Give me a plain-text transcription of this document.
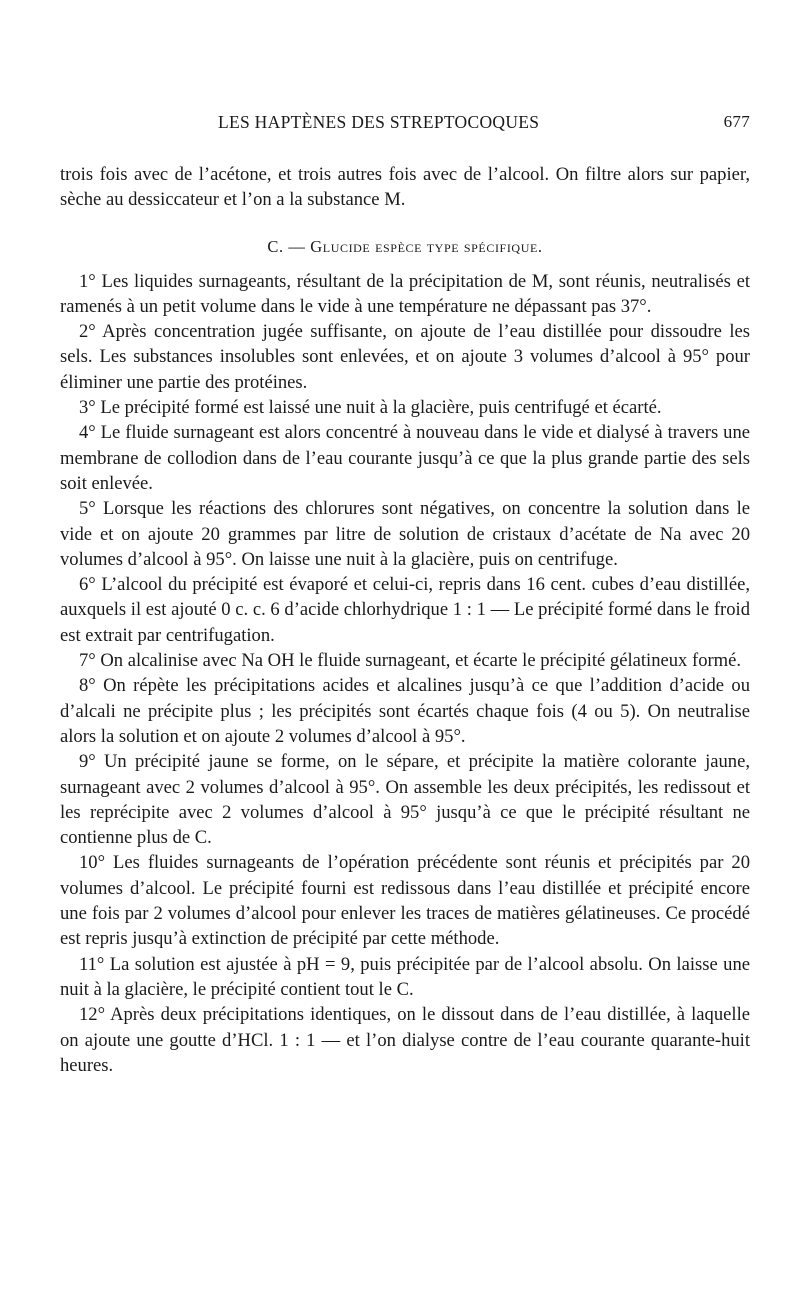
LES HAPTÈNES DES STREPTOCOQUES	677

trois fois avec de l’acétone, et trois autres fois avec de l’alcool. On filtre alors sur papier, sèche au dessiccateur et l’on a la substance M.

C. — Glucide espèce type spécifique.

1° Les liquides surnageants, résultant de la précipitation de M, sont réunis, neutralisés et ramenés à un petit volume dans le vide à une température ne dépassant pas 37°.

2° Après concentration jugée suffisante, on ajoute de l’eau distillée pour dissoudre les sels. Les substances insolubles sont enlevées, et on ajoute 3 volumes d’alcool à 95° pour éliminer une partie des protéines.

3° Le précipité formé est laissé une nuit à la glacière, puis centrifugé et écarté.

4° Le fluide surnageant est alors concentré à nouveau dans le vide et dialysé à travers une membrane de collodion dans de l’eau courante jusqu’à ce que la plus grande partie des sels soit enlevée.

5° Lorsque les réactions des chlorures sont négatives, on concentre la solution dans le vide et on ajoute 20 grammes par litre de solution de cristaux d’acétate de Na avec 20 volumes d’alcool à 95°. On laisse une nuit à la glacière, puis on centrifuge.

6° L’alcool du précipité est évaporé et celui-ci, repris dans 16 cent. cubes d’eau distillée, auxquels il est ajouté 0 c. c. 6 d’acide chlorhydrique 1 : 1 — Le précipité formé dans le froid est extrait par centrifugation.

7° On alcalinise avec Na OH le fluide surnageant, et écarte le précipité gélatineux formé.

8° On répète les précipitations acides et alcalines jusqu’à ce que l’addition d’acide ou d’alcali ne précipite plus ; les précipités sont écartés chaque fois (4 ou 5). On neutralise alors la solution et on ajoute 2 volumes d’alcool à 95°.

9° Un précipité jaune se forme, on le sépare, et précipite la matière colorante jaune, surnageant avec 2 volumes d’alcool à 95°. On assemble les deux précipités, les redissout et les reprécipite avec 2 volumes d’alcool à 95° jusqu’à ce que le précipité résultant ne contienne plus de C.

10° Les fluides surnageants de l’opération précédente sont réunis et précipités par 20 volumes d’alcool. Le précipité fourni est redissous dans l’eau distillée et précipité encore une fois par 2 volumes d’alcool pour enlever les traces de matières gélatineuses. Ce procédé est repris jusqu’à extinction de précipité par cette méthode.

11° La solution est ajustée à pH = 9, puis précipitée par de l’alcool absolu. On laisse une nuit à la glacière, le précipité contient tout le C.

12° Après deux précipitations identiques, on le dissout dans de l’eau distillée, à laquelle on ajoute une goutte d’HCl. 1 : 1 — et l’on dialyse contre de l’eau courante quarante-huit heures.
